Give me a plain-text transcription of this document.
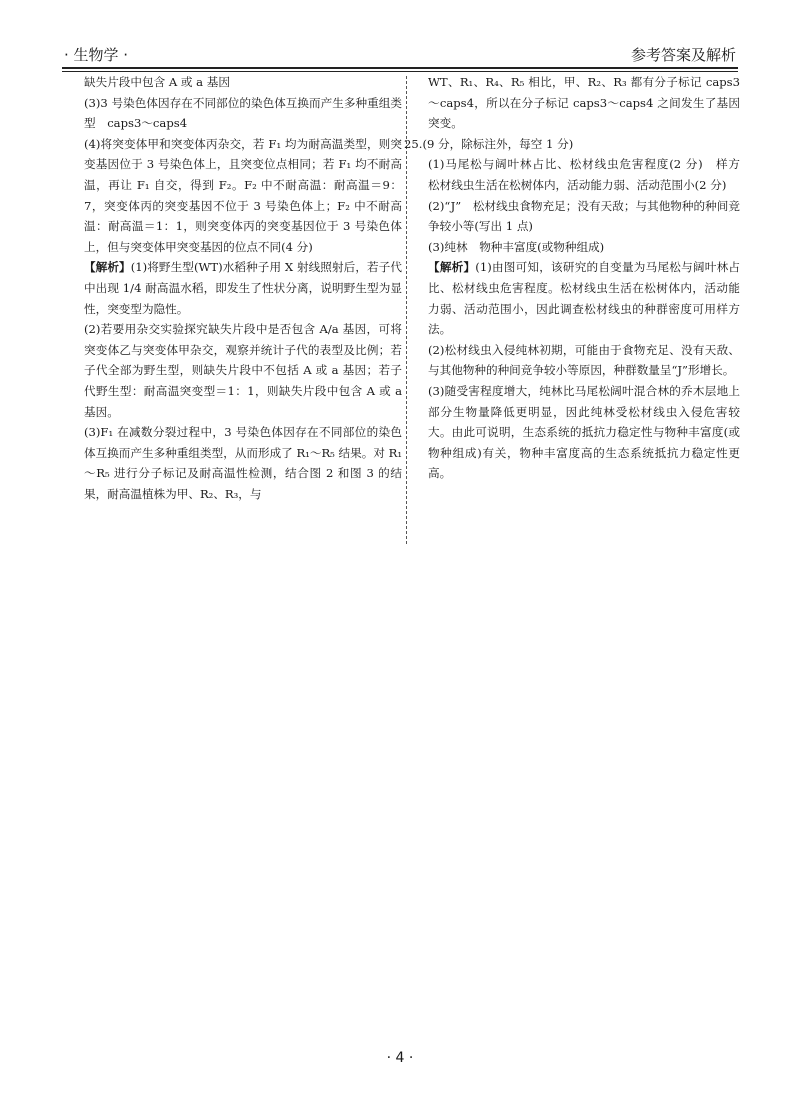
· 生物学 ·	参考答案及解析

缺失片段中包含 A 或 a 基因

(3)3 号染色体因存在不同部位的染色体互换而产生多种重组类型　caps3～caps4

(4)将突变体甲和突变体丙杂交，若 F₁ 均为耐高温类型，则突变基因位于 3 号染色体上，且突变位点相同；若 F₁ 均不耐高温，再让 F₁ 自交，得到 F₂。F₂ 中不耐高温：耐高温＝9：7，突变体丙的突变基因不位于 3 号染色体上；F₂ 中不耐高温：耐高温＝1：1，则突变体丙的突变基因位于 3 号染色体上，但与突变体甲突变基因的位点不同(4 分)

【解析】(1)将野生型(WT)水稻种子用 X 射线照射后，若子代中出现 1/4 耐高温水稻，即发生了性状分离，说明野生型为显性，突变型为隐性。

(2)若要用杂交实验探究缺失片段中是否包含 A/a 基因，可将突变体乙与突变体甲杂交，观察并统计子代的表型及比例；若子代全部为野生型，则缺失片段中不包括 A 或 a 基因；若子代野生型：耐高温突变型＝1：1，则缺失片段中包含 A 或 a 基因。

(3)F₁ 在减数分裂过程中，3 号染色体因存在不同部位的染色体互换而产生多种重组类型，从而形成了 R₁～R₅ 结果。对 R₁～R₅ 进行分子标记及耐高温性检测，结合图 2 和图 3 的结果，耐高温植株为甲、R₂、R₃，与

WT、R₁、R₄、R₅ 相比，甲、R₂、R₃ 都有分子标记 caps3～caps4，所以在分子标记 caps3～caps4 之间发生了基因突变。

25.(9 分，除标注外，每空 1 分)

(1)马尾松与阔叶林占比、松材线虫危害程度(2 分)　样方　松材线虫生活在松树体内，活动能力弱、活动范围小(2 分)

(2)“J”　松材线虫食物充足；没有天敌；与其他物种的种间竞争较小等(写出 1 点)

(3)纯林　物种丰富度(或物种组成)

【解析】(1)由图可知，该研究的自变量为马尾松与阔叶林占比、松材线虫危害程度。松材线虫生活在松树体内，活动能力弱、活动范围小，因此调查松材线虫的种群密度可用样方法。

(2)松材线虫入侵纯林初期，可能由于食物充足、没有天敌、与其他物种的种间竞争较小等原因，种群数量呈“J”形增长。

(3)随受害程度增大，纯林比马尾松阔叶混合林的乔木层地上部分生物量降低更明显，因此纯林受松材线虫入侵危害较大。由此可说明，生态系统的抵抗力稳定性与物种丰富度(或物种组成)有关，物种丰富度高的生态系统抵抗力稳定性更高。

· 4 ·
